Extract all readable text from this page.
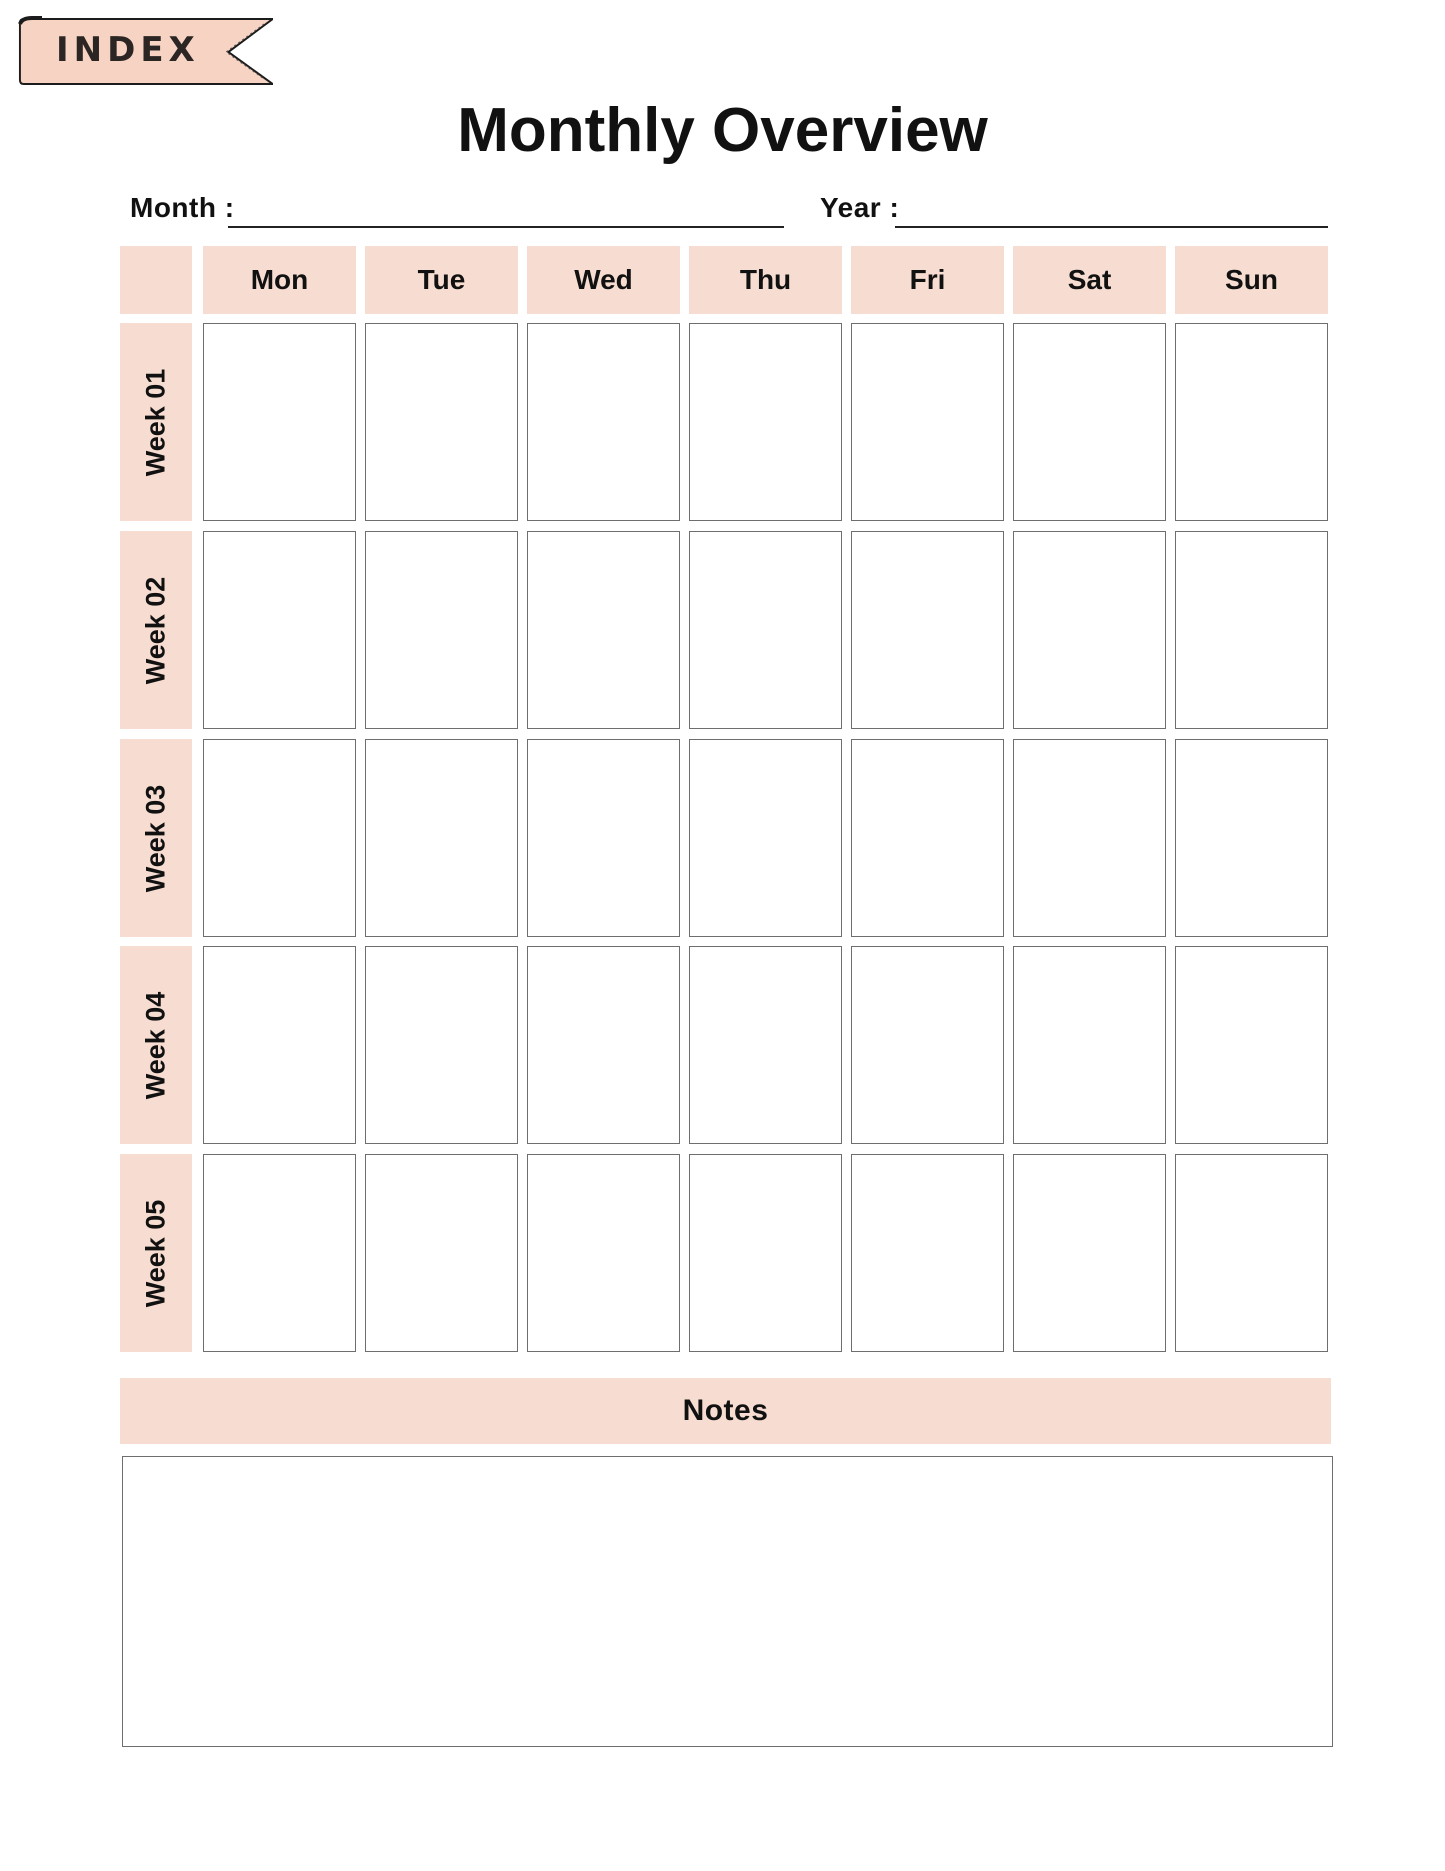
INDEX
Monthly Overview
Month :	Year :
Mon	Tue	Wed	Thu	Fri	Sat	Sun
Week 01
Week 02
Week 03
Week 04
Week 05
Notes
